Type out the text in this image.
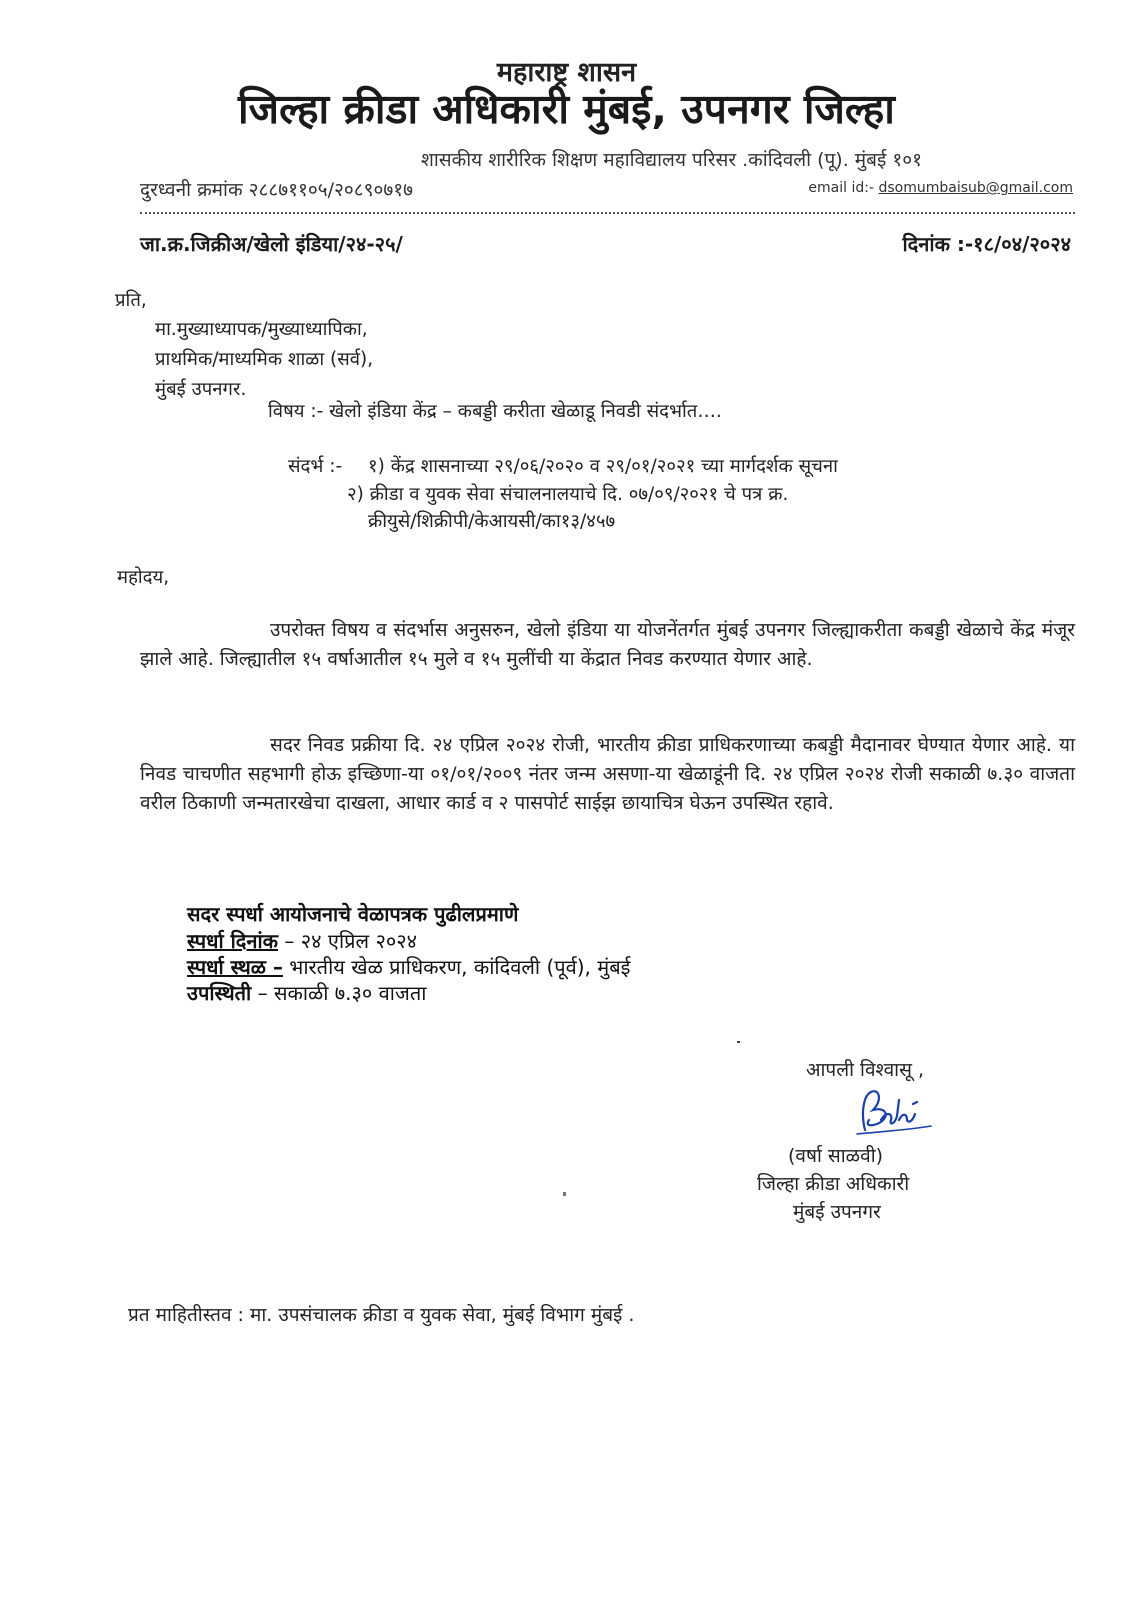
महाराष्ट्र शासन
जिल्हा क्रीडा अधिकारी मुंबई, उपनगर जिल्हा
शासकीय शारीरिक शिक्षण महाविद्यालय परिसर .कांदिवली (पू). मुंबई १०१
दुरध्वनी क्रमांक २८८७११०५/२०८९०७१७	email id:- dsomumbaisub@gmail.com
जा.क्र.जिक्रीअ/खेलो इंडिया/२४-२५/	दिनांक :-१८/०४/२०२४
प्रति,
मा.मुख्याध्यापक/मुख्याध्यापिका,
प्राथमिक/माध्यमिक शाळा (सर्व),
मुंबई उपनगर.
विषय :- खेलो इंडिया केंद्र – कबड्डी करीता खेळाडू निवडी संदर्भात….
संदर्भ :- १) केंद्र शासनाच्या २९/०६/२०२० व २९/०१/२०२१ च्या मार्गदर्शक सूचना
२) क्रीडा व युवक सेवा संचालनालयाचे दि. ०७/०९/२०२१ चे पत्र क्र.
क्रीयुसे/शिक्रीपी/केआयसी/का१३/४५७
महोदय,
उपरोक्त विषय व संदर्भास अनुसरुन, खेलो इंडिया या योजनेंतर्गत मुंबई उपनगर जिल्ह्याकरीता कबड्डी खेळाचे केंद्र मंजूर झाले आहे. जिल्ह्यातील १५ वर्षाआतील १५ मुले व १५ मुलींची या केंद्रात निवड करण्यात येणार आहे.
सदर निवड प्रक्रीया दि. २४ एप्रिल २०२४ रोजी, भारतीय क्रीडा प्राधिकरणाच्या कबड्डी मैदानावर घेण्यात येणार आहे. या निवड चाचणीत सहभागी होऊ इच्छिणा-या ०१/०१/२००९ नंतर जन्म असणा-या खेळाडूंनी दि. २४ एप्रिल २०२४ रोजी सकाळी ७.३० वाजता वरील ठिकाणी जन्मतारखेचा दाखला, आधार कार्ड व २ पासपोर्ट साईझ छायाचित्र घेऊन उपस्थित रहावे.
सदर स्पर्धा आयोजनाचे वेळापत्रक पुढीलप्रमाणे
स्पर्धा दिनांक – २४ एप्रिल २०२४
स्पर्धा स्थळ – भारतीय खेळ प्राधिकरण, कांदिवली (पूर्व), मुंबई
उपस्थिती – सकाळी ७.३० वाजता
आपली विश्वासू ,
(वर्षा साळवी)
जिल्हा क्रीडा अधिकारी
मुंबई उपनगर
प्रत माहितीस्तव : मा. उपसंचालक क्रीडा व युवक सेवा, मुंबई विभाग मुंबई .
